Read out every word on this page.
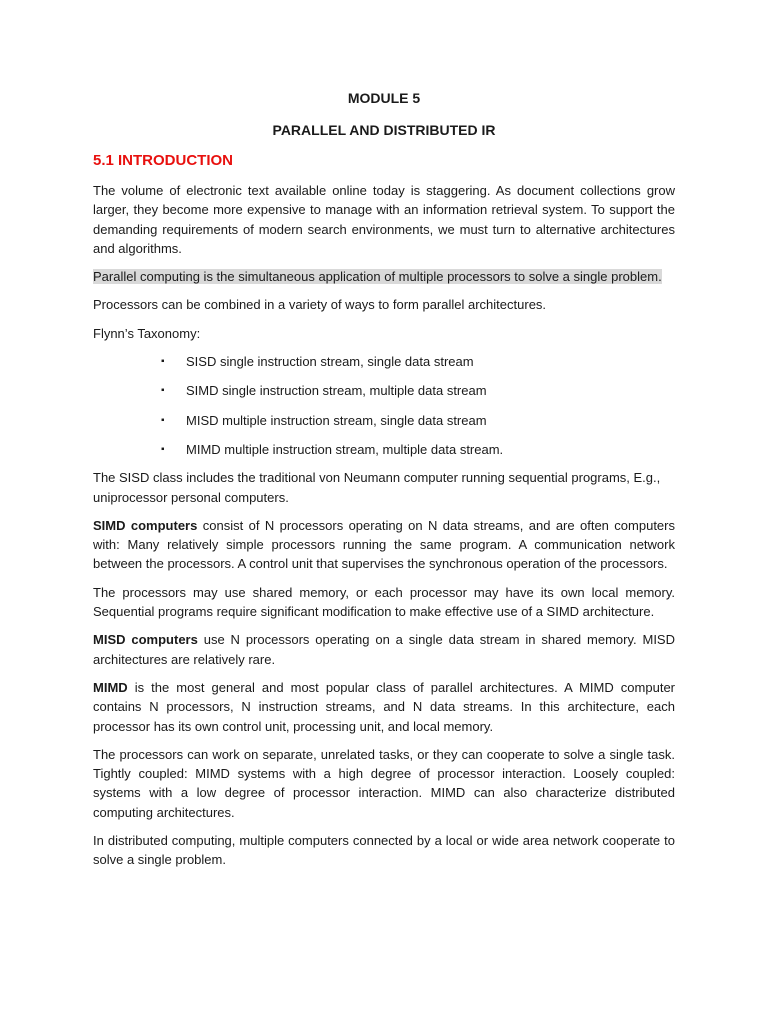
MODULE 5
PARALLEL AND DISTRIBUTED IR
5.1 INTRODUCTION

The volume of electronic text available online today is staggering. As document collections grow larger, they become more expensive to manage with an information retrieval system. To support the demanding requirements of modern search environments, we must turn to alternative architectures and algorithms.

Parallel computing is the simultaneous application of multiple processors to solve a single problem.

Processors can be combined in a variety of ways to form parallel architectures.

Flynn’s Taxonomy:

▪ SISD single instruction stream, single data stream
▪ SIMD single instruction stream, multiple data stream
▪ MISD multiple instruction stream, single data stream
▪ MIMD multiple instruction stream, multiple data stream.

The SISD class includes the traditional von Neumann computer running sequential programs, E.g., uniprocessor personal computers.

SIMD computers consist of N processors operating on N data streams, and are often computers with: Many relatively simple processors running the same program. A communication network between the processors. A control unit that supervises the synchronous operation of the processors.

The processors may use shared memory, or each processor may have its own local memory. Sequential programs require significant modification to make effective use of a SIMD architecture.

MISD computers use N processors operating on a single data stream in shared memory. MISD architectures are relatively rare.

MIMD is the most general and most popular class of parallel architectures. A MIMD computer contains N processors, N instruction streams, and N data streams. In this architecture, each processor has its own control unit, processing unit, and local memory.

The processors can work on separate, unrelated tasks, or they can cooperate to solve a single task. Tightly coupled: MIMD systems with a high degree of processor interaction. Loosely coupled: systems with a low degree of processor interaction. MIMD can also characterize distributed computing architectures.

In distributed computing, multiple computers connected by a local or wide area network cooperate to solve a single problem.
